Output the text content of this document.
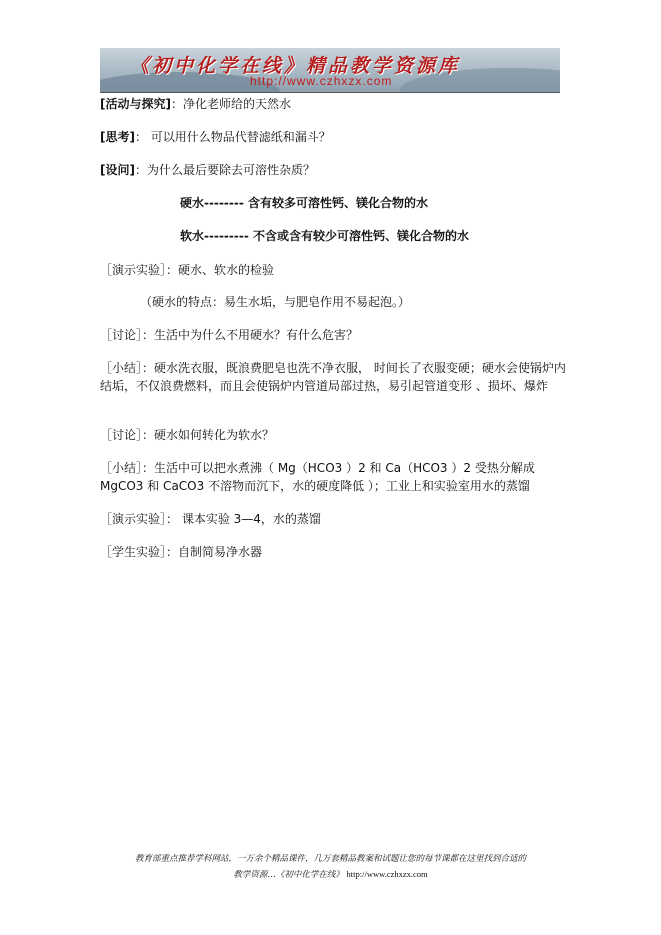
《初中化学在线》精品教学资源库
http://www.czhxzx.com
[活动与探究]：净化老师给的天然水
[思考]： 可以用什么物品代替滤纸和漏斗？
[设问]：为什么最后要除去可溶性杂质？
硬水-------- 含有较多可溶性钙、镁化合物的水
软水--------- 不含或含有较少可溶性钙、镁化合物的水
［演示实验］：硬水、软水的检验
（硬水的特点：易生水垢，与肥皂作用不易起泡。）
［讨论］：生活中为什么不用硬水？有什么危害？
［小结］：硬水洗衣服，既浪费肥皂也洗不净衣服， 时间长了衣服变硬；硬水会使锅炉内结垢，不仅浪费燃料，而且会使锅炉内管道局部过热，易引起管道变形 、损坏、爆炸
［讨论］：硬水如何转化为软水？
［小结］：生活中可以把水煮沸（ Mg（HCO3 ）2 和 Ca（HCO3 ）2 受热分解成 MgCO3 和 CaCO3 不溶物而沉下，水的硬度降低 ）；工业上和实验室用水的蒸馏
［演示实验］： 课本实验 3—4，水的蒸馏
［学生实验］：自制简易净水器
教育部重点推荐学科网站，一万余个精品课件，几万套精品教案和试题让您的每节课都在这里找到合适的
教学资源…《初中化学在线》 http://www.czhxzx.com
